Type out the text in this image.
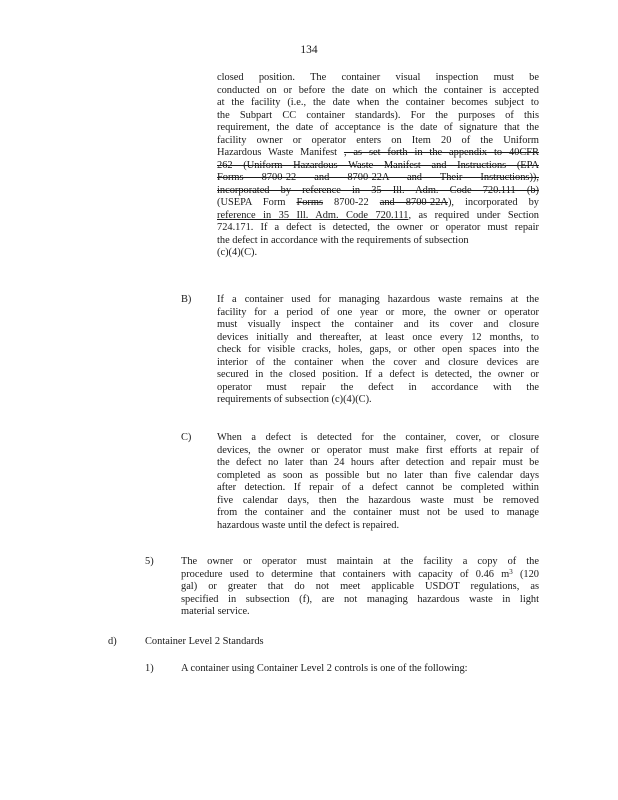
134
closed position. The container visual inspection must be
conducted on or before the date on which the container is accepted
at the facility (i.e., the date when the container becomes subject to
the Subpart CC container standards). For the purposes of this
requirement, the date of acceptance is the date of signature that the
facility owner or operator enters on Item 20 of the Uniform
Hazardous Waste Manifest , as set forth in the appendix to 40CFR
262 (Uniform Hazardous Waste Manifest and Instructions (EPA
Forms 8700-22 and 8700-22A and Their Instructions)),
incorporated by reference in 35 Ill. Adm. Code 720.111 (b)
(USEPA Form Forms 8700-22 and 8700-22A), incorporated by
reference in 35 Ill. Adm. Code 720.111, as required under Section
724.171. If a defect is detected, the owner or operator must repair
the defect in accordance with the requirements of subsection
(c)(4)(C).
B) If a container used for managing hazardous waste remains at the
facility for a period of one year or more, the owner or operator
must visually inspect the container and its cover and closure
devices initially and thereafter, at least once every 12 months, to
check for visible cracks, holes, gaps, or other open spaces into the
interior of the container when the cover and closure devices are
secured in the closed position. If a defect is detected, the owner or
operator must repair the defect in accordance with the
requirements of subsection (c)(4)(C).
C) When a defect is detected for the container, cover, or closure
devices, the owner or operator must make first efforts at repair of
the defect no later than 24 hours after detection and repair must be
completed as soon as possible but no later than five calendar days
after detection. If repair of a defect cannot be completed within
five calendar days, then the hazardous waste must be removed
from the container and the container must not be used to manage
hazardous waste until the defect is repaired.
5)	The owner or operator must maintain at the facility a copy of the
procedure used to determine that containers with capacity of 0.46 $m^3$ (120
gal) or greater that do not meet applicable USDOT regulations, as
specified in subsection (f), are not managing hazardous waste in light
material service.
d)	Container Level 2 Standards
1)	A container using Container Level 2 controls is one of the following:
